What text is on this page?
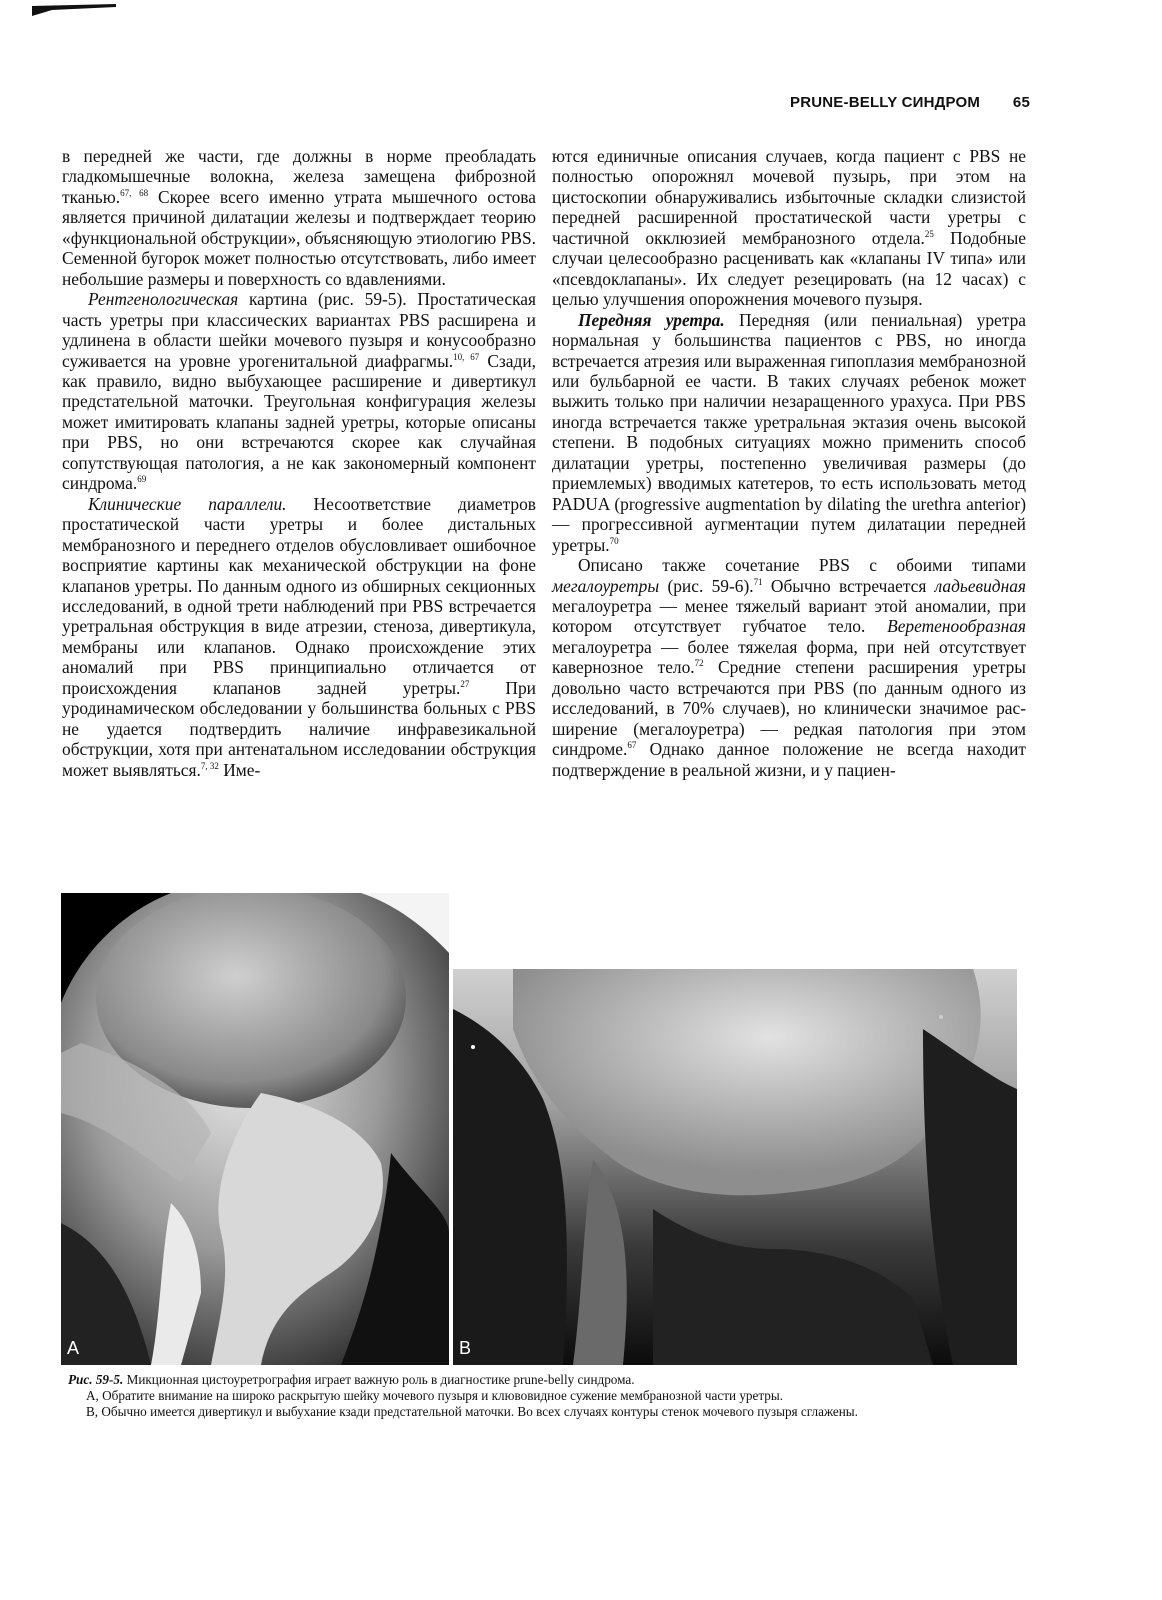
PRUNE-BELLY СИНДРОМ 65

в передней же части, где должны в норме преобладать гладкомышечные волокна, железа замещена фиброзной тканью.$^{67, 68}$ Скорее всего именно утрата мышечного остова является причиной дилатации железы и подтверждает теорию «функциональной обструкции», объясняющую этиологию PBS. Семенной бугорок может полностью отсутствовать, либо имеет небольшие размеры и поверхность со вдавлениями.

Рентгенологическая картина (рис. 59-5). Простатическая часть уретры при классических вариантах PBS расширена и удлинена в области шейки мочевого пузыря и конусообразно суживается на уровне урогенитальной диафрагмы.$^{10, 67}$ Сзади, как правило, видно выбухающее расширение и дивертикул предстательной маточки. Треугольная конфигурация железы может имитировать клапаны задней уретры, которые описаны при PBS, но они встречаются скорее как случайная сопутствующая патология, а не как закономерный компонент синдрома.$^{69}$

Клинические параллели. Несоответствие диаметров простатической части уретры и более дистальных мембранозного и переднего отделов обусловливает ошибочное восприятие картины как механической обструкции на фоне клапанов уретры. По данным одного из обширных секционных исследований, в одной трети наблюдений при PBS встречается уретральная обструкция в виде атрезии, стеноза, дивертикула, мембраны или клапанов. Однако происхождение этих аномалий при PBS принципиально отличается от происхождения клапанов задней уретры.$^{27}$ При уродинамическом обследовании у большинства больных с PBS не удается подтвердить наличие инфравезикальной обструкции, хотя при антенатальном исследовании обструкция может выявляться.$^{7, 32}$ Име-

ются единичные описания случаев, когда пациент с PBS не полностью опорожнял мочевой пузырь, при этом на цистоскопии обнаруживались избыточные складки слизистой передней расширенной простатической части уретры с частичной окклюзией мембранозного отдела.$^{25}$ Подобные случаи целесообразно расценивать как «клапаны IV типа» или «псевдоклапаны». Их следует резецировать (на 12 часах) с целью улучшения опорожнения мочевого пузыря.

Передняя уретра. Передняя (или пениальная) уретра нормальная у большинства пациентов с PBS, но иногда встречается атрезия или выраженная гипоплазия мембранозной или бульбарной ее части. В таких случаях ребенок может выжить только при наличии незаращенного урахуса. При PBS иногда встречается также уретральная эктазия очень высокой степени. В подобных ситуациях можно применить способ дилатации уретры, постепенно увеличивая размеры (до приемлемых) вводимых катетеров, то есть использовать метод PADUA (progressive augmentation by dilating the urethra anterior) — прогрессивной аугментации путем дилатации передней уретры.$^{70}$

Описано также сочетание PBS с обоими типами мегалоуретры (рис. 59-6).$^{71}$ Обычно встречается ладьевидная мегалоуретра — менее тяжелый вариант этой аномалии, при котором отсутствует губчатое тело. Веретенообразная мегалоуретра — более тяжелая форма, при ней отсутствует кавернозное тело.$^{72}$ Средние степени расширения уретры довольно часто встречаются при PBS (по данным одного из исследований, в 70% случаев), но клинически значимое расширение (мегалоуретра) — редкая патология при этом синдроме.$^{67}$ Однако данное положение не всегда находит подтверждение в реальной жизни, и у пациен-

A	B
Рис. 59-5. Микционная цистоуретрография играет важную роль в диагностике prune-belly синдрома.
А, Обратите внимание на широко раскрытую шейку мочевого пузыря и клювовидное сужение мембранозной части уретры.
В, Обычно имеется дивертикул и выбухание кзади предстательной маточки. Во всех случаях контуры стенок мочевого пузыря сглажены.
